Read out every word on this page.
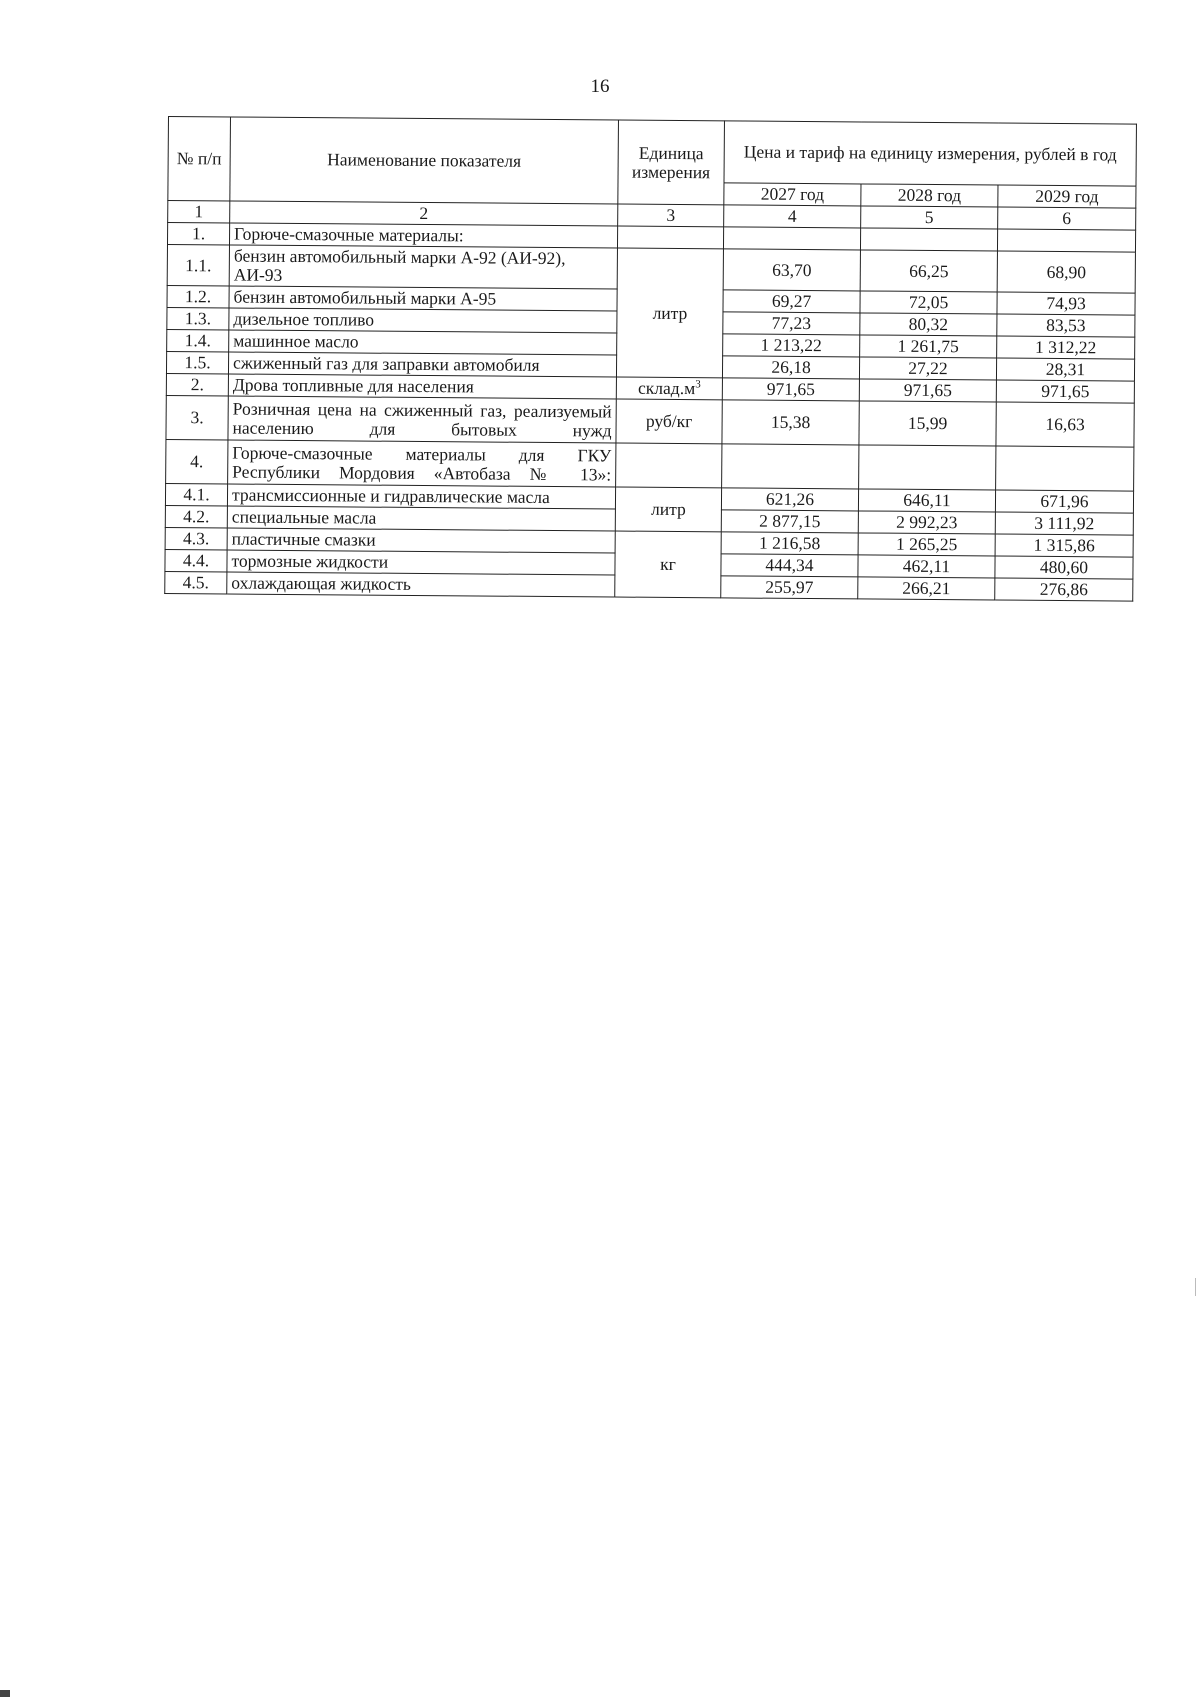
16
№ п/п	Наименование показателя	Единица измерения	Цена и тариф на единицу измерения, рублей в год		
			2027 год	2028 год	2029 год
1	2	3	4	5	6
1.	Горюче-смазочные материалы:				
1.1.	бензин автомобильный марки А-92 (АИ-92), АИ-93	литр	63,70	66,25	68,90
1.2.	бензин автомобильный марки А-95		69,27	72,05	74,93
1.3.	дизельное топливо		77,23	80,32	83,53
1.4.	машинное масло		1 213,22	1 261,75	1 312,22
1.5.	сжиженный газ для заправки автомобиля		26,18	27,22	28,31
2.	Дрова топливные для населения	$склад.м^3$	971,65	971,65	971,65
3.	Розничная цена на сжиженный газ, реализуемый населению для бытовых нужд	руб/кг	15,38	15,99	16,63
4.	Горюче-смазочные материалы для ГКУ Республики Мордовия «Автобаза № 13»:				
4.1.	трансмиссионные и гидравлические масла	литр	621,26	646,11	671,96
4.2.	специальные масла		2 877,15	2 992,23	3 111,92
4.3.	пластичные смазки	кг	1 216,58	1 265,25	1 315,86
4.4.	тормозные жидкости		444,34	462,11	480,60
4.5.	охлаждающая жидкость		255,97	266,21	276,86
